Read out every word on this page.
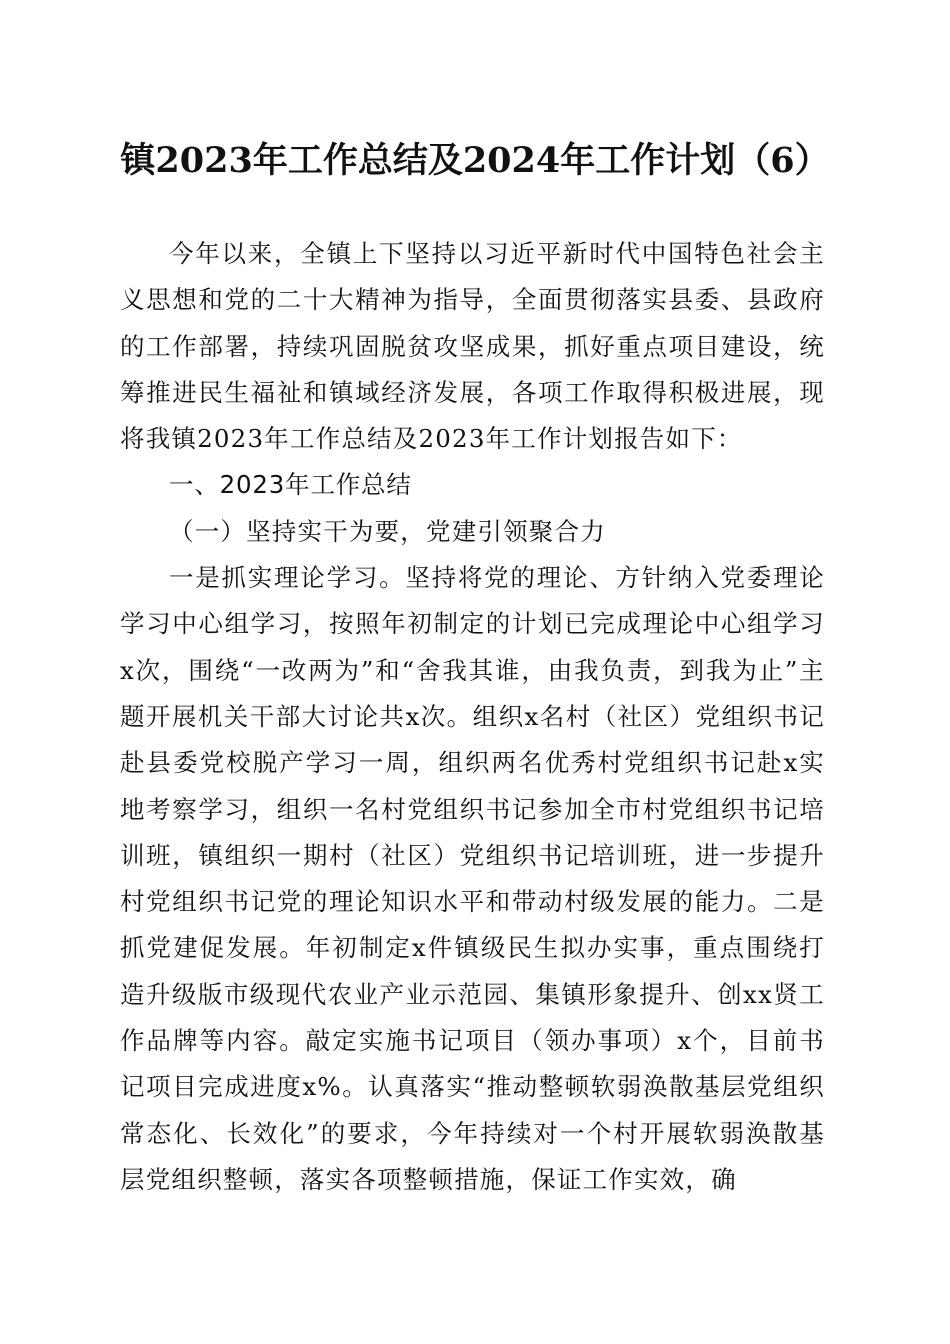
镇2023年工作总结及2024年工作计划（6）

今年以来，全镇上下坚持以习近平新时代中国特色社会主义思想和党的二十大精神为指导，全面贯彻落实县委、县政府的工作部署，持续巩固脱贫攻坚成果，抓好重点项目建设，统筹推进民生福祉和镇域经济发展，各项工作取得积极进展，现将我镇2023年工作总结及2023年工作计划报告如下：

一、2023年工作总结

（一）坚持实干为要，党建引领聚合力

一是抓实理论学习。坚持将党的理论、方针纳入党委理论学习中心组学习，按照年初制定的计划已完成理论中心组学习x次，围绕“一改两为”和“舍我其谁，由我负责，到我为止”主题开展机关干部大讨论共x次。组织x名村（社区）党组织书记赴县委党校脱产学习一周，组织两名优秀村党组织书记赴x实地考察学习，组织一名村党组织书记参加全市村党组织书记培训班，镇组织一期村（社区）党组织书记培训班，进一步提升村党组织书记党的理论知识水平和带动村级发展的能力。二是抓党建促发展。年初制定x件镇级民生拟办实事，重点围绕打造升级版市级现代农业产业示范园、集镇形象提升、创xx贤工作品牌等内容。敲定实施书记项目（领办事项）x个，目前书记项目完成进度x%。认真落实“推动整顿软弱涣散基层党组织常态化、长效化”的要求，今年持续对一个村开展软弱涣散基层党组织整顿，落实各项整顿措施，保证工作实效，确
